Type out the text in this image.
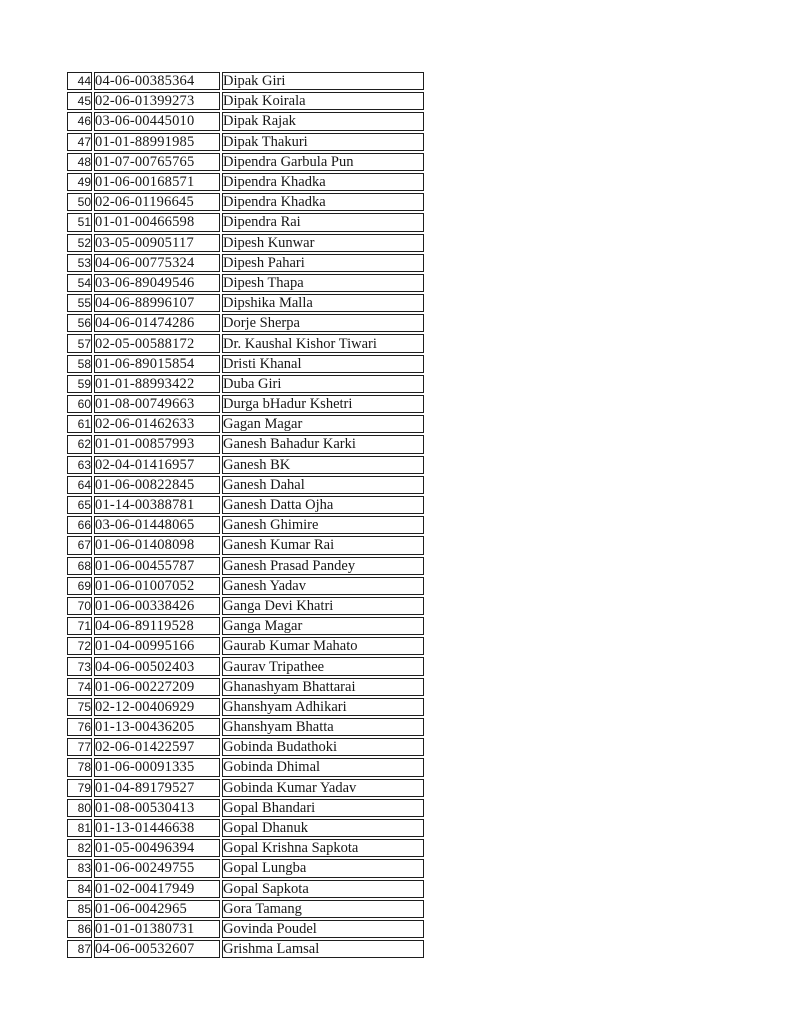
44	04-06-00385364	Dipak Giri
45	02-06-01399273	Dipak Koirala
46	03-06-00445010	Dipak Rajak
47	01-01-88991985	Dipak Thakuri
48	01-07-00765765	Dipendra Garbula Pun
49	01-06-00168571	Dipendra Khadka
50	02-06-01196645	Dipendra Khadka
51	01-01-00466598	Dipendra Rai
52	03-05-00905117	Dipesh Kunwar
53	04-06-00775324	Dipesh Pahari
54	03-06-89049546	Dipesh Thapa
55	04-06-88996107	Dipshika Malla
56	04-06-01474286	Dorje Sherpa
57	02-05-00588172	Dr. Kaushal Kishor Tiwari
58	01-06-89015854	Dristi Khanal
59	01-01-88993422	Duba Giri
60	01-08-00749663	Durga bHadur Kshetri
61	02-06-01462633	Gagan Magar
62	01-01-00857993	Ganesh Bahadur Karki
63	02-04-01416957	Ganesh BK
64	01-06-00822845	Ganesh Dahal
65	01-14-00388781	Ganesh Datta Ojha
66	03-06-01448065	Ganesh Ghimire
67	01-06-01408098	Ganesh Kumar Rai
68	01-06-00455787	Ganesh Prasad Pandey
69	01-06-01007052	Ganesh Yadav
70	01-06-00338426	Ganga Devi Khatri
71	04-06-89119528	Ganga Magar
72	01-04-00995166	Gaurab Kumar Mahato
73	04-06-00502403	Gaurav Tripathee
74	01-06-00227209	Ghanashyam Bhattarai
75	02-12-00406929	Ghanshyam Adhikari
76	01-13-00436205	Ghanshyam Bhatta
77	02-06-01422597	Gobinda Budathoki
78	01-06-00091335	Gobinda Dhimal
79	01-04-89179527	Gobinda Kumar Yadav
80	01-08-00530413	Gopal Bhandari
81	01-13-01446638	Gopal Dhanuk
82	01-05-00496394	Gopal Krishna Sapkota
83	01-06-00249755	Gopal Lungba
84	01-02-00417949	Gopal Sapkota
85	01-06-0042965	Gora Tamang
86	01-01-01380731	Govinda Poudel
87	04-06-00532607	Grishma Lamsal
